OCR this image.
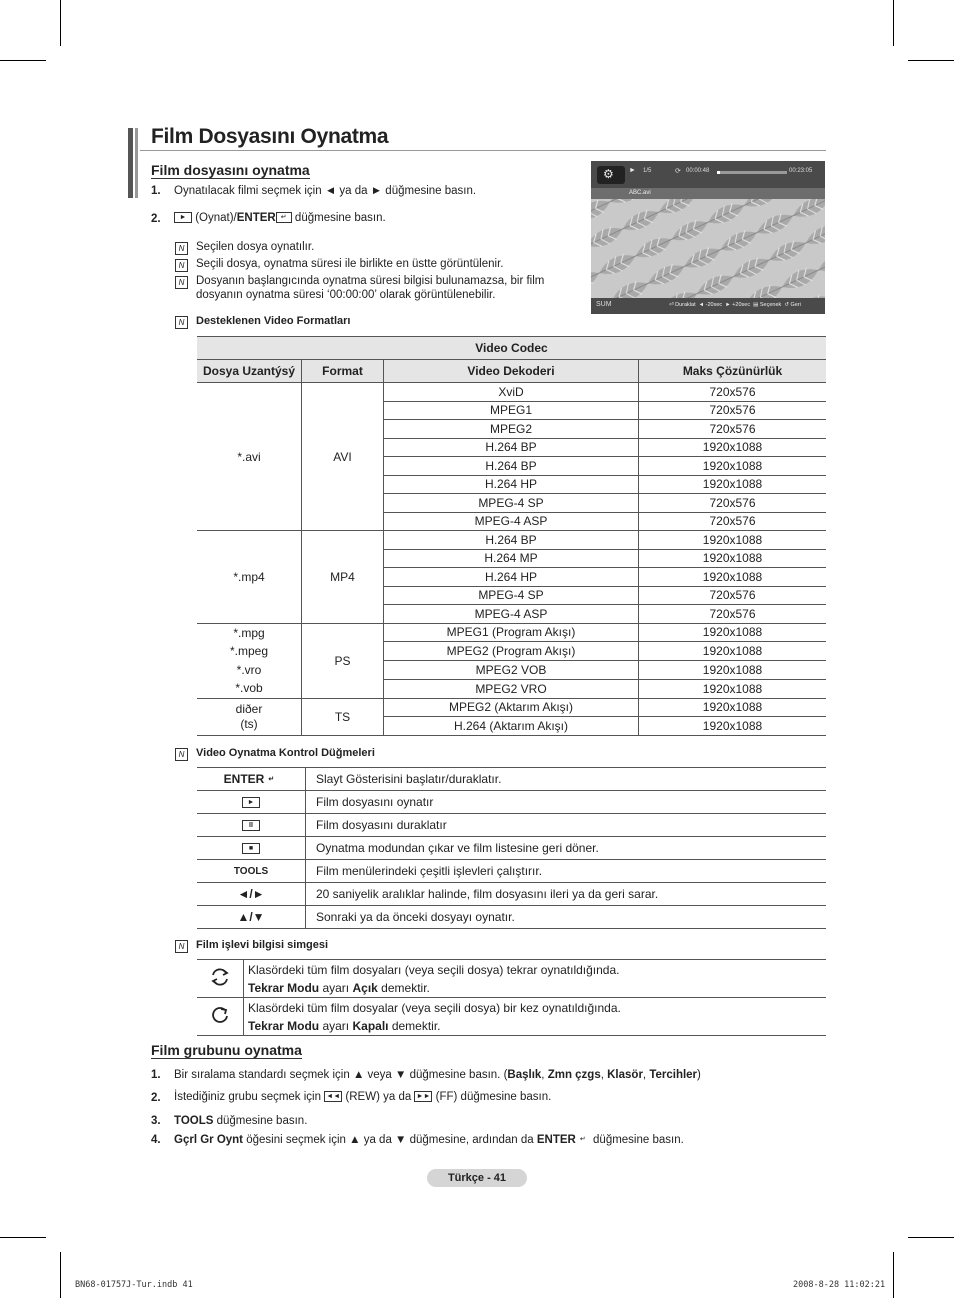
Film Dosyasını Oynatma
Film dosyasını oynatma
1. Oynatılacak filmi seçmek için ◄ ya da ► düğmesine basın.
2.	► (Oynat)/ENTER ↵ düğmesine basın.
N	Seçilen dosya oynatılır.
N	Seçili dosya, oynatma süresi ile birlikte en üstte görüntülenir.
N	Dosyanın başlangıcında oynatma süresi bilgisi bulunamazsa, bir film
dosyanın oynatma süresi ‘00:00:00’ olarak görüntülenebilir.
N	Desteklenen Video Formatları
⚙ ► 1/5	⟳ 00:00:48	00:23:05
ABC.avi
SUM	⏎ Duraklat  ◄ -20sec  ► +20sec  ▤ Seçenek  ↺ Geri
Video Codec			
Dosya Uzantýsý	Format	Video Dekoderi	Maks Çözünürlük
*.avi	AVI	XviD	720x576
		MPEG1	720x576
		MPEG2	720x576
		H.264 BP	1920x1088
		H.264 BP	1920x1088
		H.264 HP	1920x1088
		MPEG-4 SP	720x576
		MPEG-4 ASP	720x576
*.mp4	MP4	H.264 BP	1920x1088
		H.264 MP	1920x1088
		H.264 HP	1920x1088
		MPEG-4 SP	720x576
		MPEG-4 ASP	720x576

*.mpg
*.mpeg
*.vro
*.vob	PS	MPEG1 (Program Akışı)	1920x1088
		MPEG2 (Program Akışı)	1920x1088
		MPEG2 VOB	1920x1088
		MPEG2 VRO	1920x1088

diðer
(ts)	TS	MPEG2 (Aktarım Akışı)	1920x1088
		H.264 (Aktarım Akışı)	1920x1088
N	Video Oynatma Kontrol Düğmeleri
ENTER ↵	Slayt Gösterisini başlatır/duraklatır.
►	Film dosyasını oynatır
II	Film dosyasını duraklatır
■	Oynatma modundan çıkar ve film listesine geri döner.
TOOLS	Film menülerindeki çeşitli işlevleri çalıştırır.
◄/►	20 saniyelik aralıklar halinde, film dosyasını ileri ya da geri sarar.
▲/▼	Sonraki ya da önceki dosyayı oynatır.
N	Film işlevi bilgisi simgesi

Klasördeki tüm film dosyaları (veya seçili dosya) tekrar oynatıldığında.
Tekrar Modu ayarı Açık demektir.

Klasördeki tüm film dosyalar (veya seçili dosya) bir kez oynatıldığında.
Tekrar Modu ayarı Kapalı demektir.
Film grubunu oynatma
1. Bir sıralama standardı seçmek için ▲ veya ▼ düğmesine basın. (Başlık, Zmn çzgs, Klasör, Tercihler)
2. İstediğiniz grubu seçmek için ◄◄ (REW) ya da ►► (FF) düğmesine basın.
3. TOOLS düğmesine basın.
4. Gçrl Gr Oynt öğesini seçmek için ▲ ya da ▼ düğmesine, ardından da ENTER ↵ düğmesine basın.
Türkçe - 41
BN68-01757J-Tur.indb 41	2008-8-28 11:02:21
